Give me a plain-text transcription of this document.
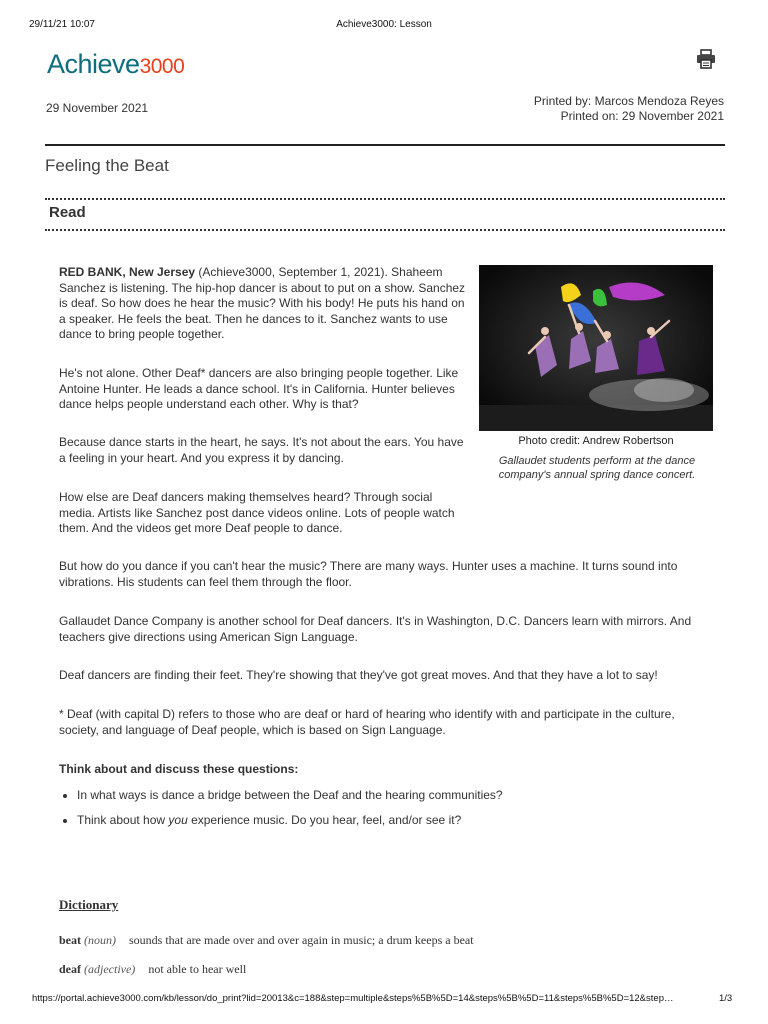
29/11/21 10:07	Achieve3000: Lesson
Achieve3000
29 November 2021	Printed by: Marcos Mendoza Reyes
Printed on: 29 November 2021
Feeling the Beat
Read

RED BANK, New Jersey (Achieve3000, September 1, 2021). Shaheem Sanchez is listening. The hip-hop dancer is about to put on a show. Sanchez is deaf. So how does he hear the music? With his body! He puts his hand on a speaker. He feels the beat. Then he dances to it. Sanchez wants to use dance to bring people together.

He's not alone. Other Deaf* dancers are also bringing people together. Like Antoine Hunter. He leads a dance school. It's in California. Hunter believes dance helps people understand each other. Why is that?

Because dance starts in the heart, he says. It's not about the ears. You have a feeling in your heart. And you express it by dancing.

How else are Deaf dancers making themselves heard? Through social media. Artists like Sanchez post dance videos online. Lots of people watch them. And the videos get more Deaf people to dance.

But how do you dance if you can't hear the music? There are many ways. Hunter uses a machine. It turns sound into vibrations. His students can feel them through the floor.

Gallaudet Dance Company is another school for Deaf dancers. It's in Washington, D.C. Dancers learn with mirrors. And teachers give directions using American Sign Language.

Deaf dancers are finding their feet. They're showing that they've got great moves. And that they have a lot to say!

* Deaf (with capital D) refers to those who are deaf or hard of hearing who identify with and participate in the culture, society, and language of Deaf people, which is based on Sign Language.

Photo credit: Andrew Robertson
Gallaudet students perform at the dance company's annual spring dance concert.
Think about and discuss these questions:
• In what ways is dance a bridge between the Deaf and the hearing communities?
• Think about how you experience music. Do you hear, feel, and/or see it?
Dictionary
beat (noun) sounds that are made over and over again in music; a drum keeps a beat
deaf (adjective) not able to hear well
https://portal.achieve3000.com/kb/lesson/do_print?lid=20013&c=188&step=multiple&steps%5B%5D=14&steps%5B%5D=11&steps%5B%5D=12&step…	1/3
